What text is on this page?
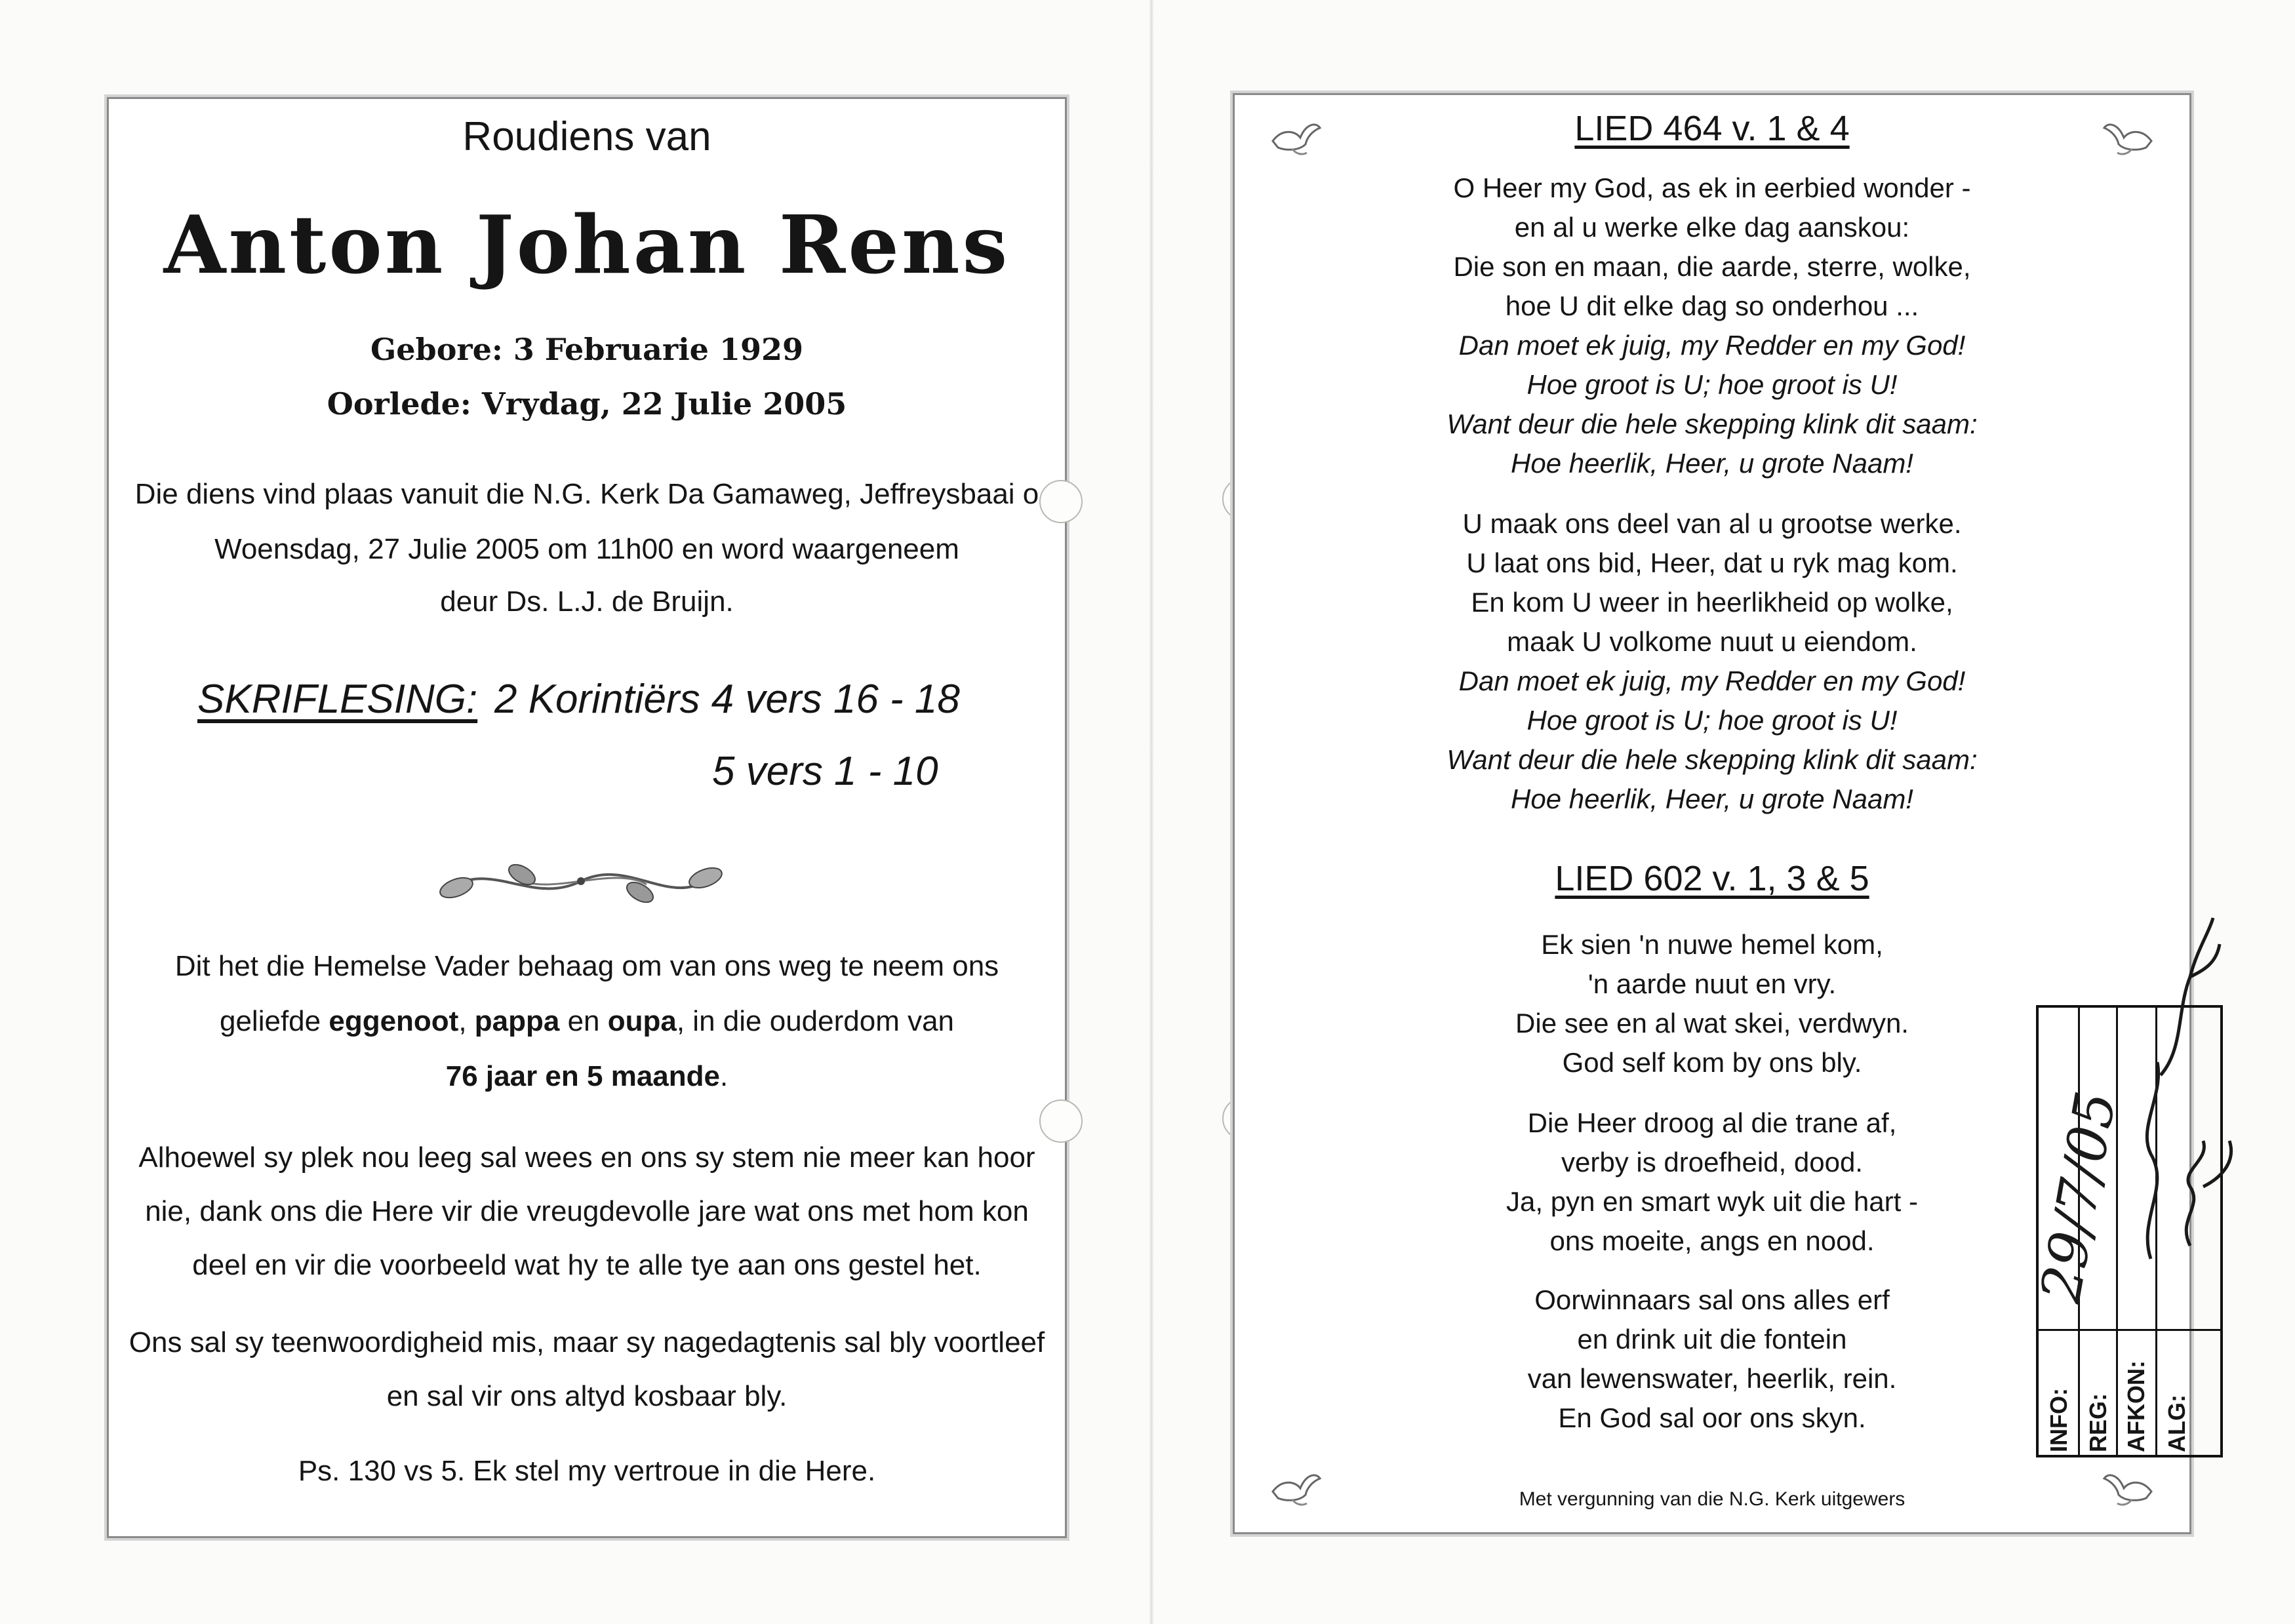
Roudiens van
Anton Johan Rens
Gebore: 3 Februarie 1929
Oorlede: Vrydag, 22 Julie 2005
Die diens vind plaas vanuit die N.G. Kerk Da Gamaweg, Jeffreysbaai o
Woensdag, 27 Julie 2005 om 11h00 en word waargeneem
deur Ds. L.J. de Bruijn.
SKRIFLESING: 2 Korintiërs 4 vers 16 - 18
5 vers 1 - 10
Dit het die Hemelse Vader behaag om van ons weg te neem ons
geliefde eggenoot, pappa en oupa, in die ouderdom van
76 jaar en 5 maande.
Alhoewel sy plek nou leeg sal wees en ons sy stem nie meer kan hoor
nie, dank ons die Here vir die vreugdevolle jare wat ons met hom kon
deel en vir die voorbeeld wat hy te alle tye aan ons gestel het.
Ons sal sy teenwoordigheid mis, maar sy nagedagtenis sal bly voortleef
en sal vir ons altyd kosbaar bly.
Ps. 130 vs 5. Ek stel my vertroue in die Here.
LIED 464 v. 1 & 4
O Heer my God, as ek in eerbied wonder -
en al u werke elke dag aanskou:
Die son en maan, die aarde, sterre, wolke,
hoe U dit elke dag so onderhou ...
Dan moet ek juig, my Redder en my God!
Hoe groot is U; hoe groot is U!
Want deur die hele skepping klink dit saam:
Hoe heerlik, Heer, u grote Naam!
U maak ons deel van al u grootse werke.
U laat ons bid, Heer, dat u ryk mag kom.
En kom U weer in heerlikheid op wolke,
maak U volkome nuut u eiendom.
Dan moet ek juig, my Redder en my God!
Hoe groot is U; hoe groot is U!
Want deur die hele skepping klink dit saam:
Hoe heerlik, Heer, u grote Naam!
LIED 602 v. 1, 3 & 5
Ek sien 'n nuwe hemel kom,
'n aarde nuut en vry.
Die see en al wat skei, verdwyn.
God self kom by ons bly.
Die Heer droog al die trane af,
verby is droefheid, dood.
Ja, pyn en smart wyk uit die hart -
ons moeite, angs en nood.
Oorwinnaars sal ons alles erf
en drink uit die fontein
van lewenswater, heerlik, rein.
En God sal oor ons skyn.
Met vergunning van die N.G. Kerk uitgewers
INFO: REG: AFKON: ALG:
29/7/05
